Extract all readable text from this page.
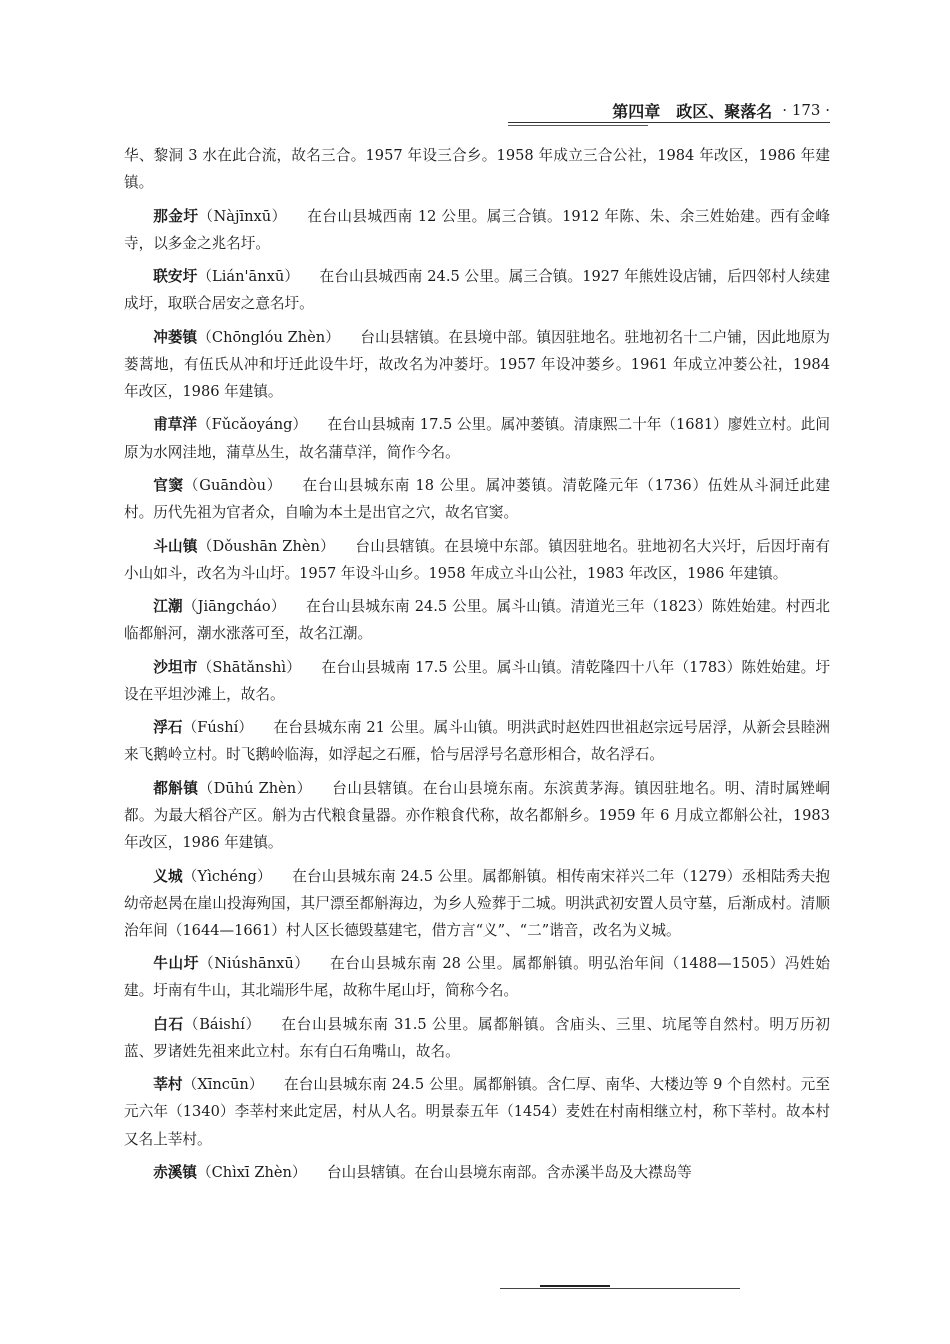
第四章　政区、聚落名 · 173 ·

华、黎洞 3 水在此合流，故名三合。1957 年设三合乡。1958 年成立三合公社，1984 年改区，1986 年建镇。

那金圩（Nàjīnxū） 在台山县城西南 12 公里。属三合镇。1912 年陈、朱、余三姓始建。西有金峰寺，以多金之兆名圩。

联安圩（Lián'ānxū） 在台山县城西南 24.5 公里。属三合镇。1927 年熊姓设店铺，后四邻村人续建成圩，取联合居安之意名圩。

冲蒌镇（Chōnglóu Zhèn） 台山县辖镇。在县境中部。镇因驻地名。驻地初名十二户铺，因此地原为蒌蒿地，有伍氏从冲和圩迁此设牛圩，故改名为冲蒌圩。1957 年设冲蒌乡。1961 年成立冲蒌公社，1984 年改区，1986 年建镇。

甫草洋（Fǔcǎoyáng） 在台山县城南 17.5 公里。属冲蒌镇。清康熙二十年（1681）廖姓立村。此间原为水网洼地，蒲草丛生，故名蒲草洋，简作今名。

官窦（Guāndòu） 在台山县城东南 18 公里。属冲蒌镇。清乾隆元年（1736）伍姓从斗洞迁此建村。历代先祖为官者众，自喻为本土是出官之穴，故名官窦。

斗山镇（Dǒushān Zhèn） 台山县辖镇。在县境中东部。镇因驻地名。驻地初名大兴圩，后因圩南有小山如斗，改名为斗山圩。1957 年设斗山乡。1958 年成立斗山公社，1983 年改区，1986 年建镇。

江潮（Jiāngcháo） 在台山县城东南 24.5 公里。属斗山镇。清道光三年（1823）陈姓始建。村西北临都斛河，潮水涨落可至，故名江潮。

沙坦市（Shātǎnshì） 在台山县城南 17.5 公里。属斗山镇。清乾隆四十八年（1783）陈姓始建。圩设在平坦沙滩上，故名。

浮石（Fúshí） 在台县城东南 21 公里。属斗山镇。明洪武时赵姓四世祖赵宗远号居浮，从新会县睦洲来飞鹅岭立村。时飞鹅岭临海，如浮起之石雁，恰与居浮号名意形相合，故名浮石。

都斛镇（Dūhú Zhèn） 台山县辖镇。在台山县境东南。东滨黄茅海。镇因驻地名。明、清时属矬峒都。为最大稻谷产区。斛为古代粮食量器。亦作粮食代称，故名都斛乡。1959 年 6 月成立都斛公社，1983 年改区，1986 年建镇。

义城（Yìchéng） 在台山县城东南 24.5 公里。属都斛镇。相传南宋祥兴二年（1279）丞相陆秀夫抱幼帝赵昺在崖山投海殉国，其尸漂至都斛海边，为乡人殓葬于二城。明洪武初安置人员守墓，后渐成村。清顺治年间（1644—1661）村人区长德毁墓建宅，借方言“义”、“二”谐音，改名为义城。

牛山圩（Niúshānxū） 在台山县城东南 28 公里。属都斛镇。明弘治年间（1488—1505）冯姓始建。圩南有牛山，其北端形牛尾，故称牛尾山圩，简称今名。

白石（Báishí） 在台山县城东南 31.5 公里。属都斛镇。含庙头、三里、坑尾等自然村。明万历初蓝、罗诸姓先祖来此立村。东有白石角嘴山，故名。

莘村（Xīncūn） 在台山县城东南 24.5 公里。属都斛镇。含仁厚、南华、大楼边等 9 个自然村。元至元六年（1340）李莘村来此定居，村从人名。明景泰五年（1454）麦姓在村南相继立村，称下莘村。故本村又名上莘村。

赤溪镇（Chìxī Zhèn） 台山县辖镇。在台山县境东南部。含赤溪半岛及大襟岛等
